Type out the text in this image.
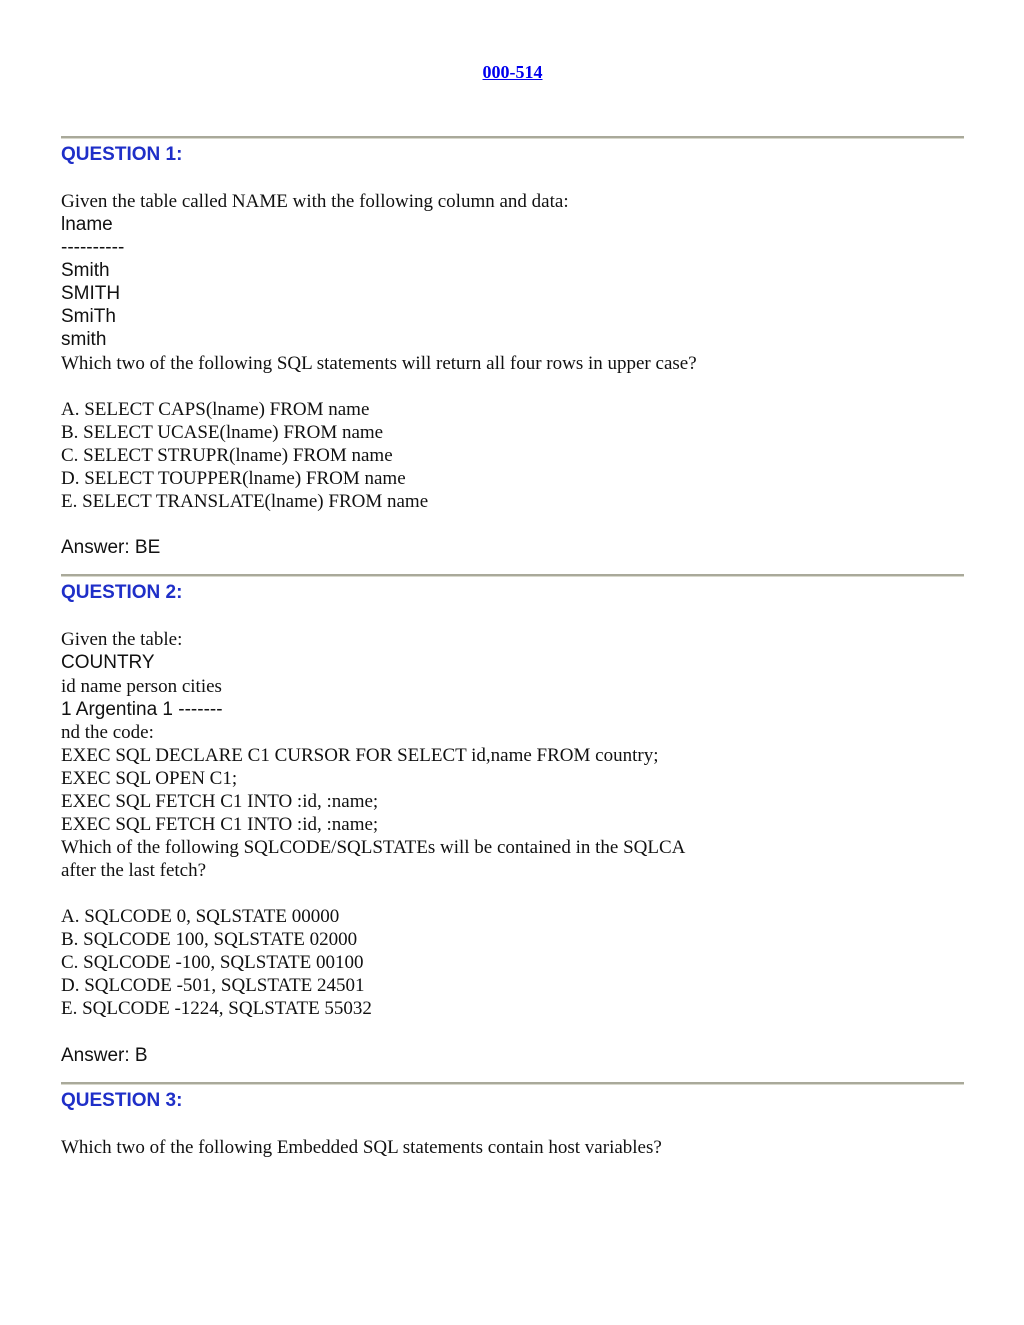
000-514
QUESTION 1:
Given the table called NAME with the following column and data:
lname
----------
Smith
SMITH
SmiTh
smith
Which two of the following SQL statements will return all four rows in upper case?
A. SELECT CAPS(lname) FROM name
B. SELECT UCASE(lname) FROM name
C. SELECT STRUPR(lname) FROM name
D. SELECT TOUPPER(lname) FROM name
E. SELECT TRANSLATE(lname) FROM name
Answer: BE
QUESTION 2:
Given the table:
COUNTRY
id name person cities
1 Argentina 1 -------
nd the code:
EXEC SQL DECLARE C1 CURSOR FOR SELECT id,name FROM country;
EXEC SQL OPEN C1;
EXEC SQL FETCH C1 INTO :id, :name;
EXEC SQL FETCH C1 INTO :id, :name;
Which of the following SQLCODE/SQLSTATEs will be contained in the SQLCA
after the last fetch?
A. SQLCODE 0, SQLSTATE 00000
B. SQLCODE 100, SQLSTATE 02000
C. SQLCODE -100, SQLSTATE 00100
D. SQLCODE -501, SQLSTATE 24501
E. SQLCODE -1224, SQLSTATE 55032
Answer: B
QUESTION 3:
Which two of the following Embedded SQL statements contain host variables?
